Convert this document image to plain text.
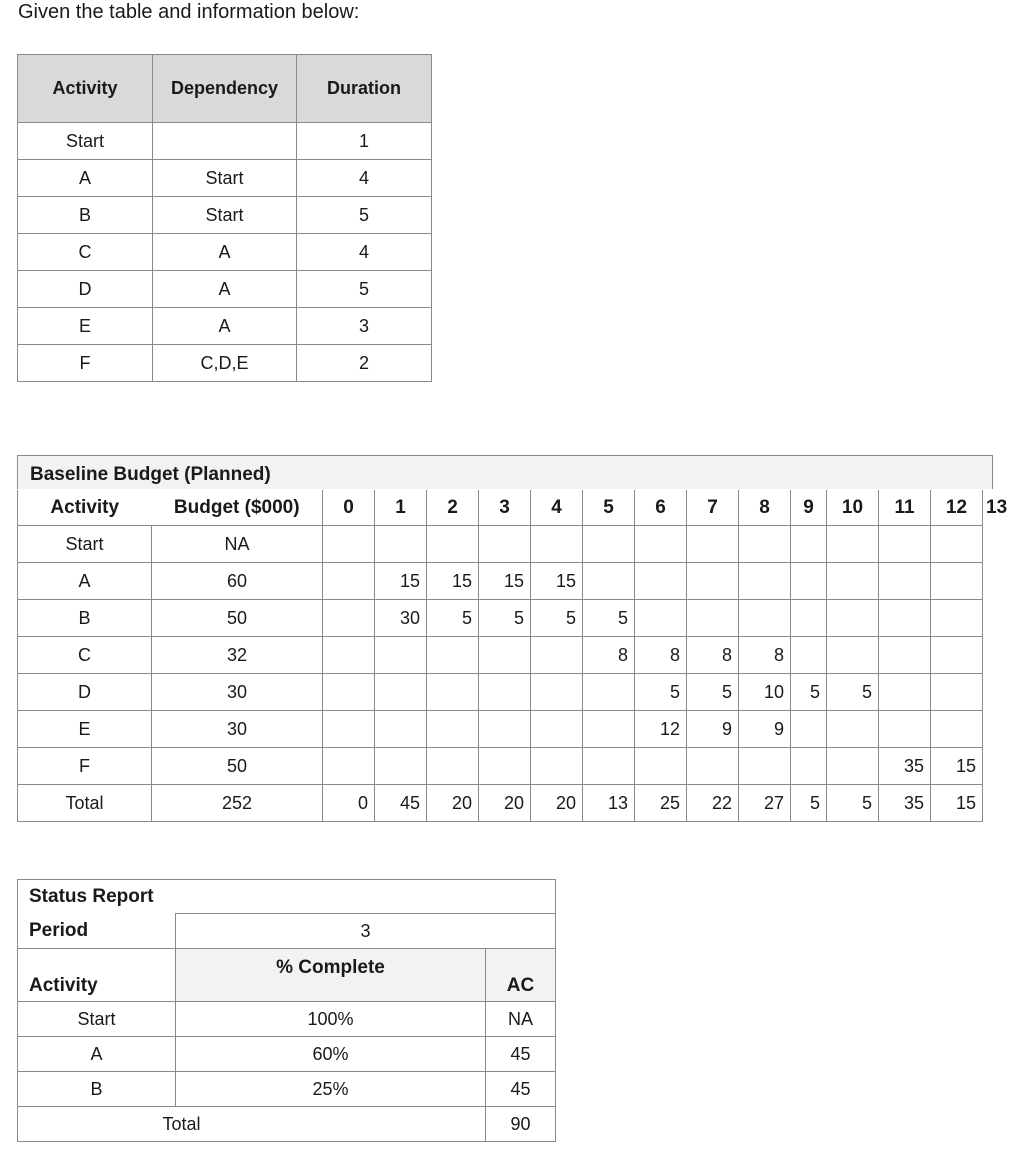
Given the table and information below:
Activity	Dependency	Duration
Start		1
A	Start	4
B	Start	5
C	A	4
D	A	5
E	A	3
F	C,D,E	2
Baseline Budget (Planned)
Activity	Budget ($000)	0	1	2	3	4	5	6	7	8	9	10	11	12	13
Start	NA														
A	60		15	15	15	15									
B	50		30	5	5	5	5								
C	32						8	8	8	8					
D	30							5	5	10	5	5			
E	30							12	9	9					
F	50												35	15	
Total	252	0	45	20	20	20	13	25	22	27	5	5	35	15	
Status Report		
Period	3	
Activity	% Complete	AC
Start	100%	NA
A	60%	45
B	25%	45
Total		90
